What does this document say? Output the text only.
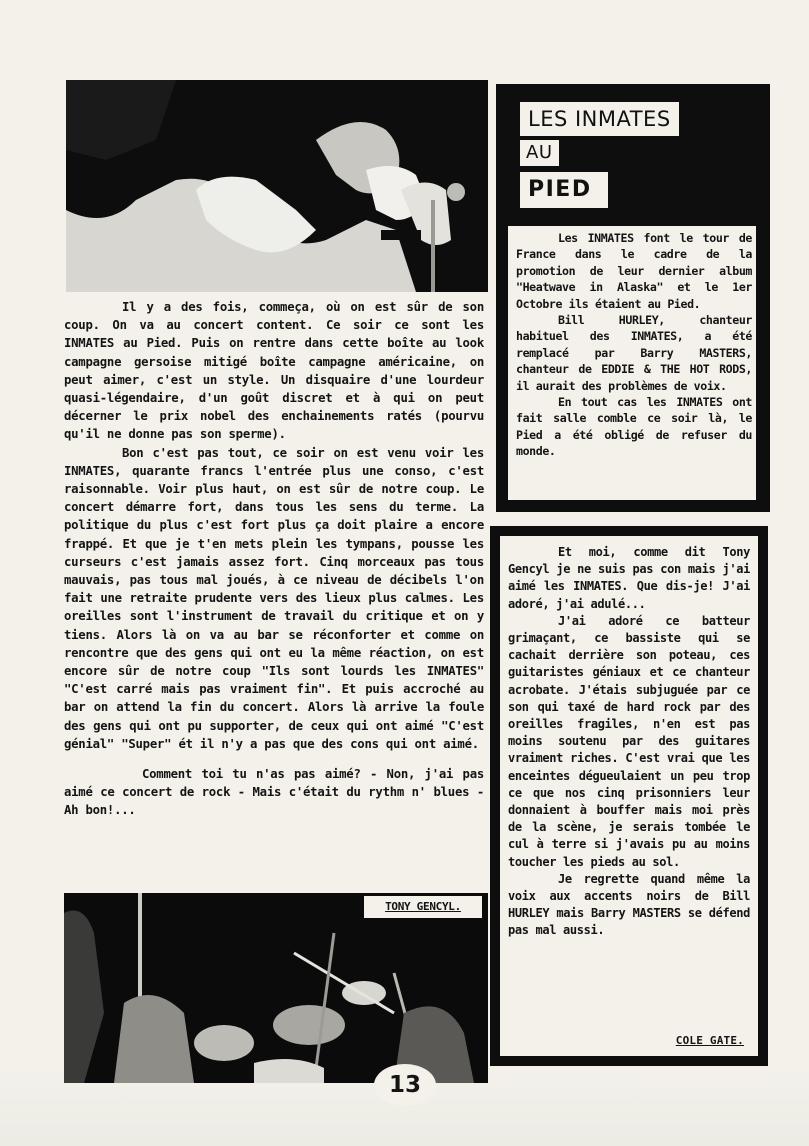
Il y a des fois, commeça, où on est sûr de son coup. On va au concert content. Ce soir ce sont les INMATES au Pied. Puis on rentre dans cette boîte au look campagne gersoise mitigé boîte campagne américaine, on peut aimer, c'est un style. Un disquaire d'une lourdeur quasi-légendaire, d'un goût discret et à qui on peut décerner le prix nobel des enchainements ratés (pourvu qu'il ne donne pas son sperme).

Bon c'est pas tout, ce soir on est venu voir les INMATES, quarante francs l'entrée plus une conso, c'est raisonnable. Voir plus haut, on est sûr de notre coup. Le concert démarre fort, dans tous les sens du terme. La politique du plus c'est fort plus ça doit plaire a encore frappé. Et que je t'en mets plein les tympans, pousse les curseurs c'est jamais assez fort. Cinq morceaux pas tous mauvais, pas tous mal joués, à ce niveau de décibels l'on fait une retraite prudente vers des lieux plus calmes. Les oreilles sont l'instrument de travail du critique et on y tiens. Alors là on va au bar se réconforter et comme on rencontre que des gens qui ont eu la même réaction, on est encore sûr de notre coup "Ils sont lourds les INMATES" "C'est carré mais pas vraiment fin". Et puis accroché au bar on attend la fin du concert. Alors là arrive la foule des gens qui ont pu supporter, de ceux qui ont aimé "C'est génial" "Super" ét il n'y a pas que des cons qui ont aimé.

Comment toi tu n'as pas aimé? - Non, j'ai pas aimé ce concert de rock - Mais c'était du rythm n' blues - Ah bon!...

TONY GENCYL.
LES INMATES
AU
PIED

Les INMATES font le tour de France dans le cadre de la promotion de leur dernier album "Heatwave in Alaska" et le 1er Octobre ils étaient au Pied.

Bill HURLEY, chanteur habituel des INMATES, a été remplacé par Barry MASTERS, chanteur de EDDIE & THE HOT RODS, il aurait des problèmes de voix.

En tout cas les INMATES ont fait salle comble ce soir là, le Pied a été obligé de refuser du monde.

Et moi, comme dit Tony Gencyl je ne suis pas con mais j'ai aimé les INMATES. Que dis-je! J'ai adoré, j'ai adulé...

J'ai adoré ce batteur grimaçant, ce bassiste qui se cachait derrière son poteau, ces guitaristes géniaux et ce chanteur acrobate. J'étais subjuguée par ce son qui taxé de hard rock par des oreilles fragiles, n'en est pas moins soutenu par des guitares vraiment riches. C'est vrai que les enceintes dégueulaient un peu trop ce que nos cinq prisonniers leur donnaient à bouffer mais moi près de la scène, je serais tombée le cul à terre si j'avais pu au moins toucher les pieds au sol.

Je regrette quand même la voix aux accents noirs de Bill HURLEY mais Barry MASTERS se défend pas mal aussi.

COLE GATE.
13
